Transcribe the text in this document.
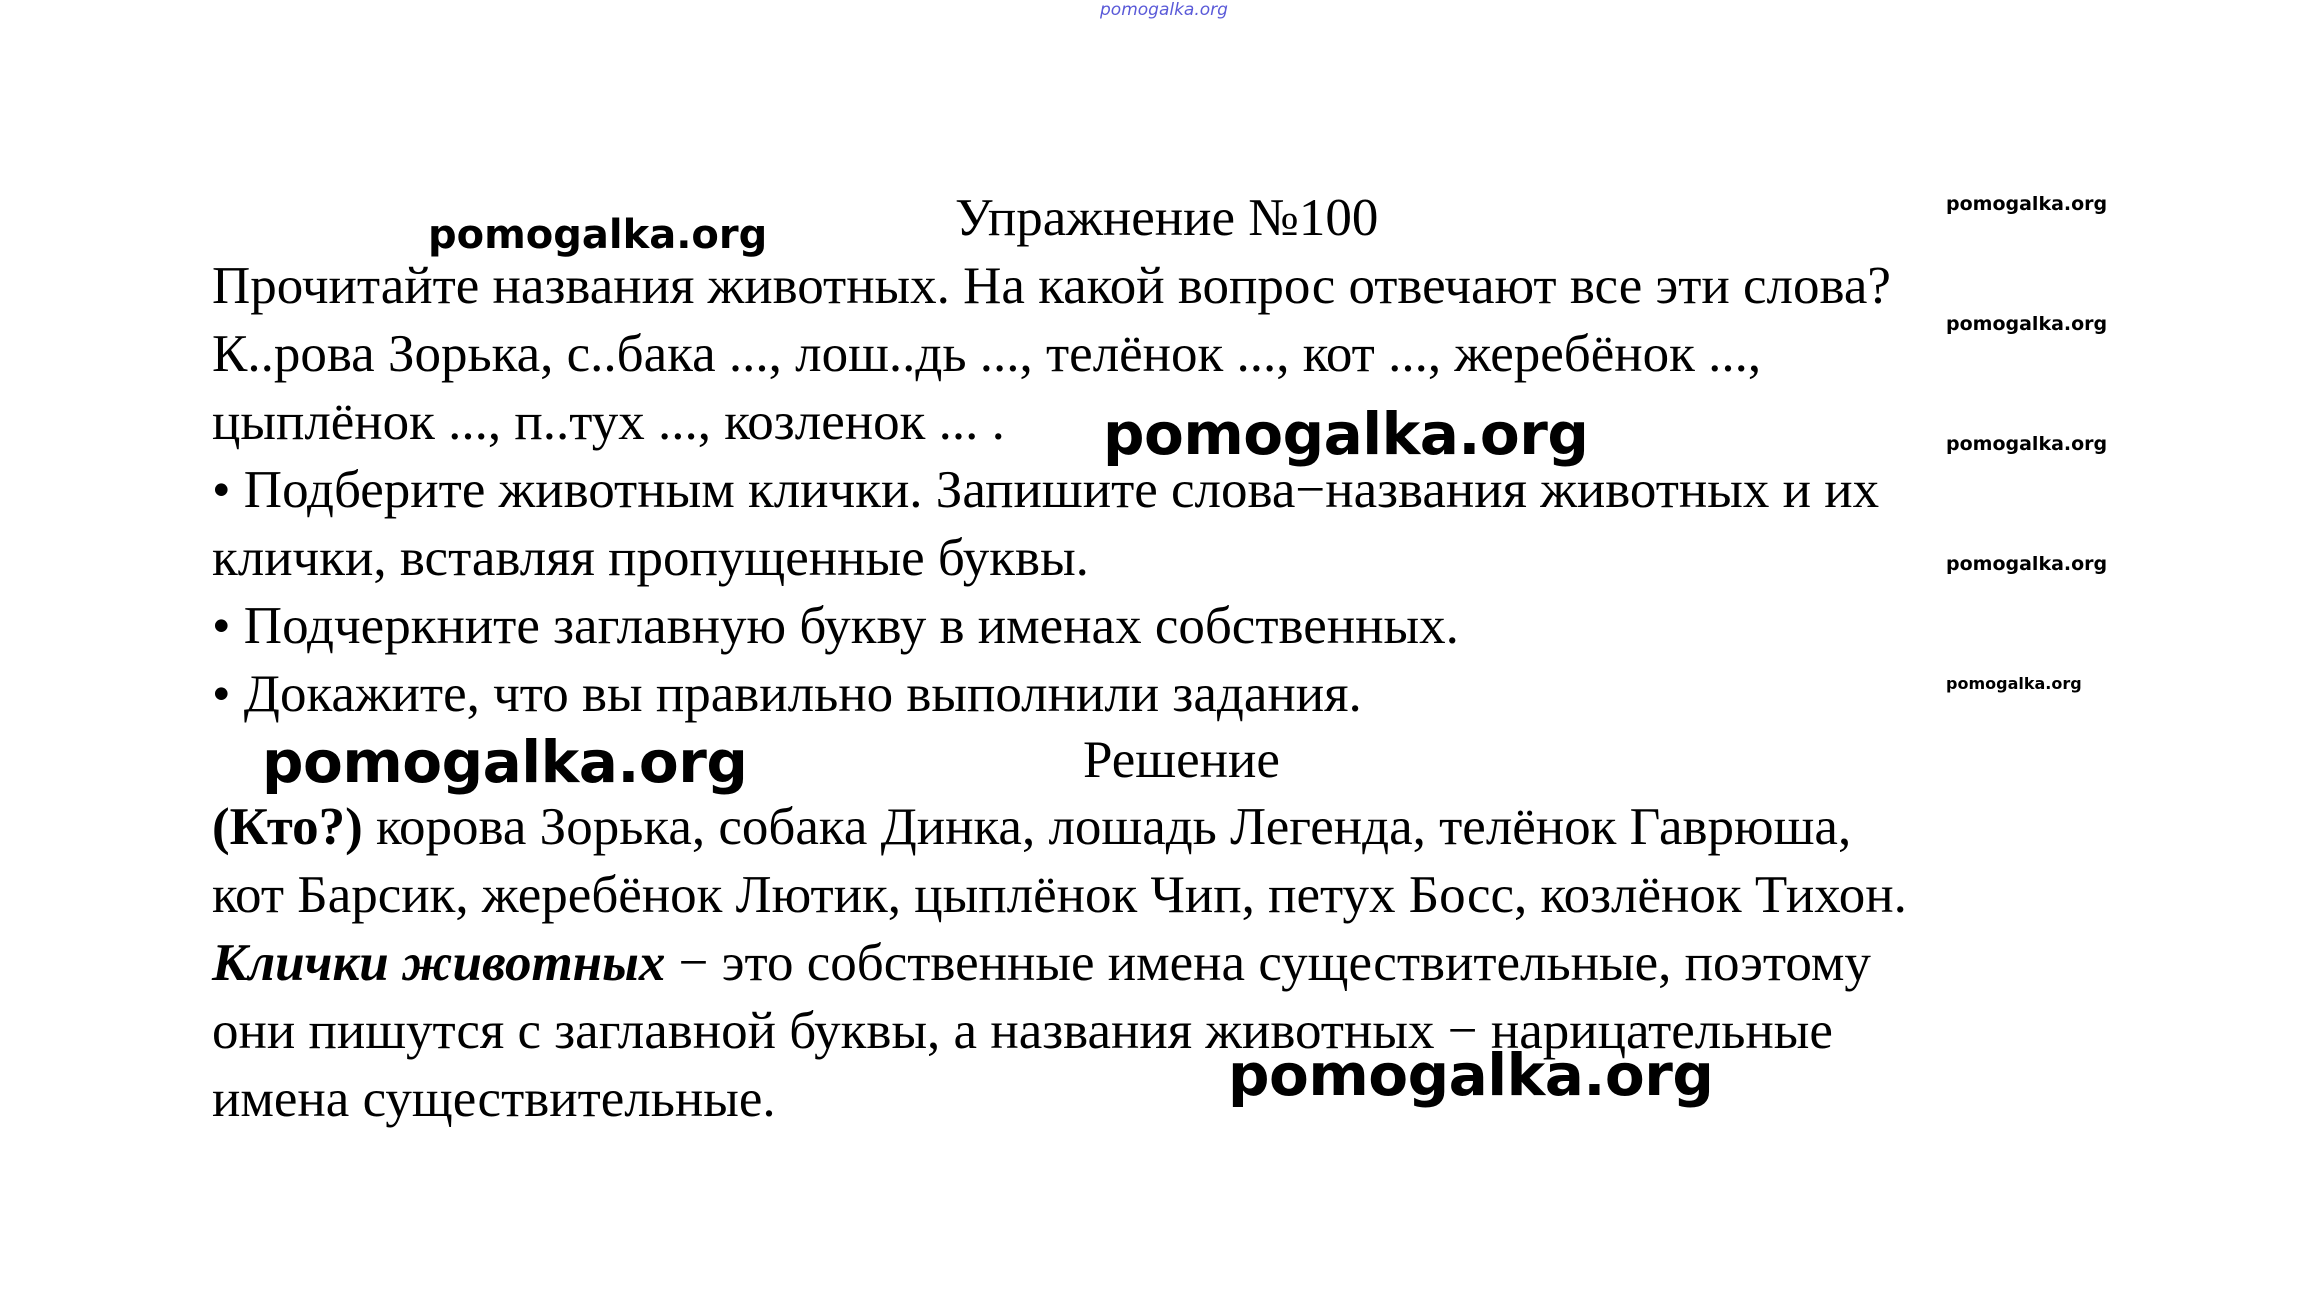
pomogalka.org
Упражнение №100

Прочитайте названия животных. На какой вопрос отвечают все эти слова?

К..рова Зорька, с..бака ..., лош..дь ..., телёнок ..., кот ..., жеребёнок ...,

цыплёнок ..., п..тух ..., козленок ... .

• Подберите животным клички. Запишите слова−названия животных и их

клички, вставляя пропущенные буквы.

• Подчеркните заглавную букву в именах собственных.

• Докажите, что вы правильно выполнили задания.

Решение

(Кто?) корова Зорька, собака Динка, лошадь Легенда, телёнок Гаврюша,

кот Барсик, жеребёнок Лютик, цыплёнок Чип, петух Босс, козлёнок Тихон.

Клички животных − это собственные имена существительные, поэтому

они пишутся с заглавной буквы, а названия животных − нарицательные

имена существительные.

pomogalka.org
pomogalka.org
pomogalka.org
pomogalka.org
pomogalka.org
pomogalka.org
pomogalka.org
pomogalka.org
pomogalka.org
